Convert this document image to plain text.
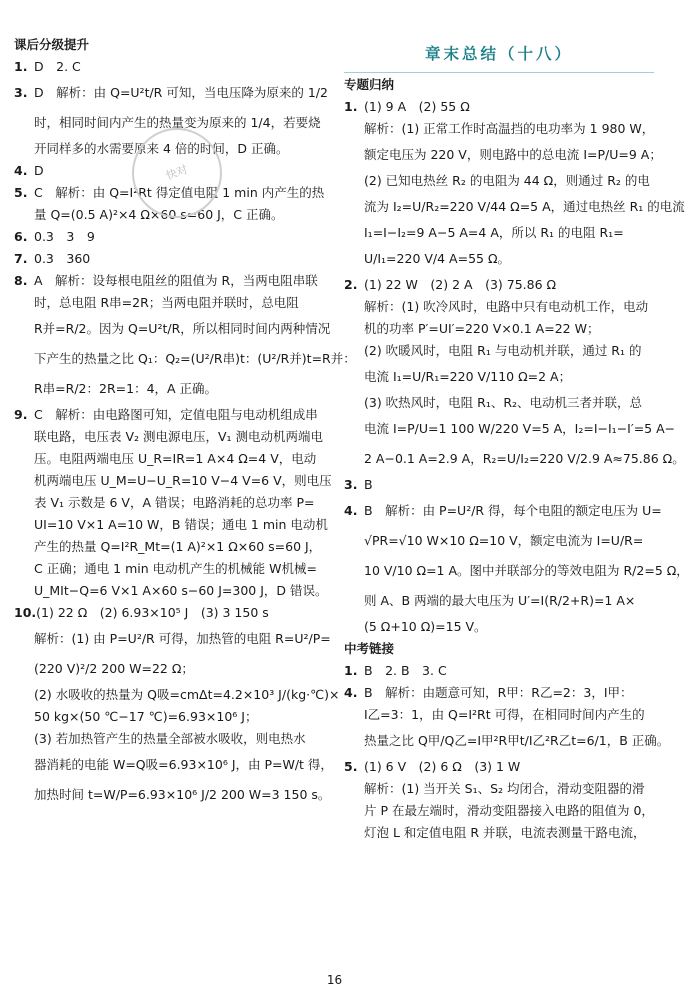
课后分级提升
1. D　2. C
3. D　解析：由 Q=U²t/R 可知，当电压降为原来的 1/2
时，相同时间内产生的热量变为原来的 1/4，若要烧
开同样多的水需要原来 4 倍的时间，D 正确。
4. D
5. C　解析：由 Q=I²Rt 得定值电阻 1 min 内产生的热
量 Q=(0.5 A)²×4 Ω×60 s=60 J，C 正确。
6. 0.3　3　9
7. 0.3　360
8. A　解析：设每根电阻丝的阻值为 R，当两电阻串联
时，总电阻 R串=2R；当两电阻并联时，总电阻
R并=R/2。因为 Q=U²t/R，所以相同时间内两种情况
下产生的热量之比 Q₁：Q₂=(U²/R串)t：(U²/R并)t=R并：
R串=R/2：2R=1：4，A 正确。
9. C　解析：由电路图可知，定值电阻与电动机组成串
联电路，电压表 V₂ 测电源电压，V₁ 测电动机两端电
压。电阻两端电压 U_R=IR=1 A×4 Ω=4 V，电动
机两端电压 U_M=U−U_R=10 V−4 V=6 V，则电压
表 V₁ 示数是 6 V，A 错误；电路消耗的总功率 P=
UI=10 V×1 A=10 W，B 错误；通电 1 min 电动机
产生的热量 Q=I²R_Mt=(1 A)²×1 Ω×60 s=60 J，
C 正确；通电 1 min 电动机产生的机械能 W机械=
U_MIt−Q=6 V×1 A×60 s−60 J=300 J，D 错误。
10.(1) 22 Ω　(2) 6.93×10⁵ J　(3) 3 150 s
解析：(1) 由 P=U²/R 可得，加热管的电阻 R=U²/P=
(220 V)²/2 200 W=22 Ω；
(2) 水吸收的热量为 Q吸=cmΔt=4.2×10³ J/(kg·℃)×
50 kg×(50 ℃−17 ℃)=6.93×10⁶ J；
(3) 若加热管产生的热量全部被水吸收，则电热水
器消耗的电能 W=Q吸=6.93×10⁶ J，由 P=W/t 得，
加热时间 t=W/P=6.93×10⁶ J/2 200 W=3 150 s。
章末总结（十八）
专题归纳
1. (1) 9 A　(2) 55 Ω
解析：(1) 正常工作时高温挡的电功率为 1 980 W，
额定电压为 220 V，则电路中的总电流 I=P/U=9 A；
(2) 已知电热丝 R₂ 的电阻为 44 Ω，则通过 R₂ 的电
流为 I₂=U/R₂=220 V/44 Ω=5 A，通过电热丝 R₁ 的电流
I₁=I−I₂=9 A−5 A=4 A，所以 R₁ 的电阻 R₁=
U/I₁=220 V/4 A=55 Ω。
2. (1) 22 W　(2) 2 A　(3) 75.86 Ω
解析：(1) 吹冷风时，电路中只有电动机工作，电动
机的功率 P′=UI′=220 V×0.1 A=22 W；
(2) 吹暖风时，电阻 R₁ 与电动机并联，通过 R₁ 的
电流 I₁=U/R₁=220 V/110 Ω=2 A；
(3) 吹热风时，电阻 R₁、R₂、电动机三者并联，总
电流 I=P/U=1 100 W/220 V=5 A，I₂=I−I₁−I′=5 A−
2 A−0.1 A=2.9 A，R₂=U/I₂=220 V/2.9 A≈75.86 Ω。
3. B
4. B　解析：由 P=U²/R 得，每个电阻的额定电压为 U=
√PR=√10 W×10 Ω=10 V，额定电流为 I=U/R=
10 V/10 Ω=1 A。图中并联部分的等效电阻为 R/2=5 Ω，
则 A、B 两端的最大电压为 U′=I(R/2+R)=1 A×
(5 Ω+10 Ω)=15 V。
中考链接
1. B　2. B　3. C
4. B　解析：由题意可知，R甲：R乙=2：3，I甲：
I乙=3：1，由 Q=I²Rt 可得，在相同时间内产生的
热量之比 Q甲/Q乙=I甲²R甲t/I乙²R乙t=6/1，B 正确。
5. (1) 6 V　(2) 6 Ω　(3) 1 W
解析：(1) 当开关 S₁、S₂ 均闭合，滑动变阻器的滑
片 P 在最左端时，滑动变阻器接入电路的阻值为 0，
灯泡 L 和定值电阻 R 并联，电流表测量干路电流，
快对
16
